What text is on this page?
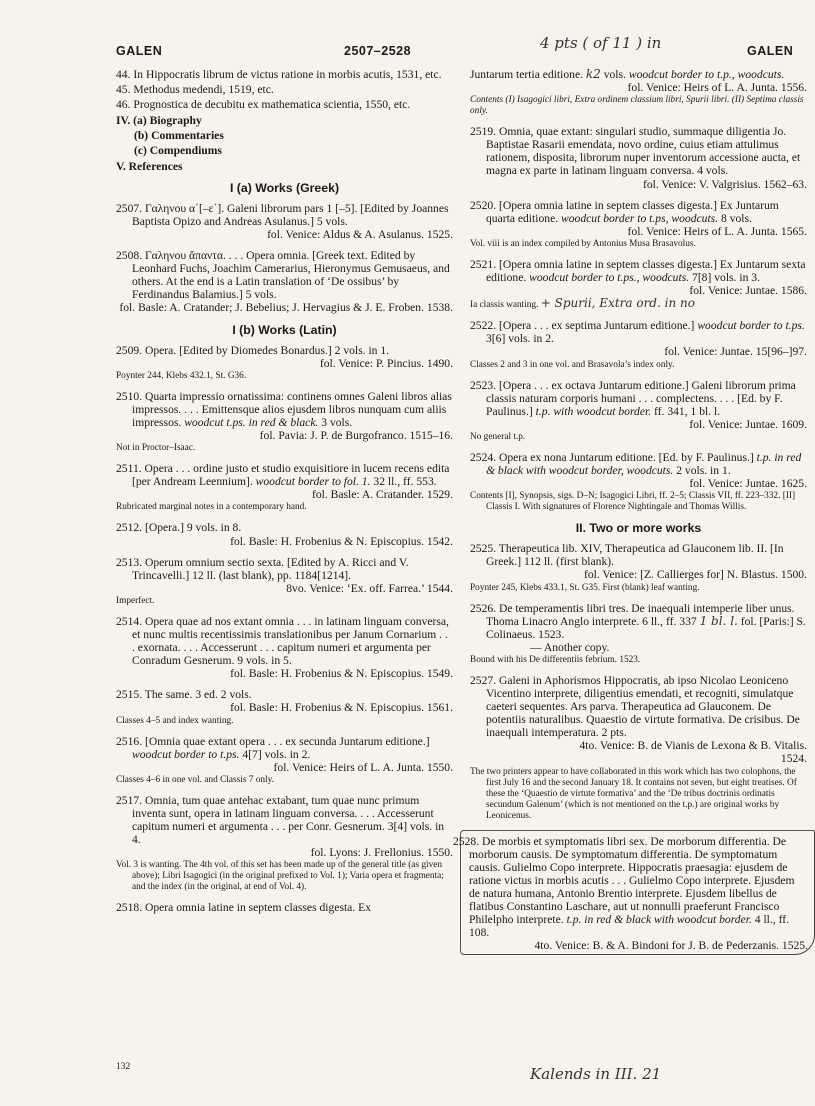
GALEN	2507–2528	4 pts ( of 11 ) in	GALEN
44. In Hippocratis librum de victus ratione in morbis acutis, 1531, etc.
45. Methodus medendi, 1519, etc.
46. Prognostica de decubitu ex mathematica scientia, 1550, etc.
IV. (a) Biography
(b) Commentaries
(c) Compendiums
V. References
I (a) Works (Greek)
2507. Γαληνου α΄[–ε΄]. Galeni librorum pars 1 [–5]. [Edited by Joannes Baptista Opizo and Andreas Asulanus.] 5 vols.
fol. Venice: Aldus & A. Asulanus. 1525.
2508. Γαληνου ἅπαντα. . . . Opera omnia. [Greek text. Edited by Leonhard Fuchs, Joachim Camerarius, Hieronymus Gemusaeus, and others. At the end is a Latin translation of ‘De ossibus’ by Ferdinandus Balamius.] 5 vols.
fol. Basle: A. Cratander; J. Bebelius; J. Hervagius & J. E. Froben. 1538.
I (b) Works (Latin)
2509. Opera. [Edited by Diomedes Bonardus.] 2 vols. in 1.
fol. Venice: P. Pincius. 1490.
Poynter 244, Klebs 432.1, St. G36.
2510. Quarta impressio ornatissima: continens omnes Galeni libros alias impressos. . . . Emittensque alios ejusdem libros nunquam cum aliis impressos. woodcut t.ps. in red & black. 3 vols.
fol. Pavia: J. P. de Burgofranco. 1515–16.
Not in Proctor–Isaac.
2511. Opera . . . ordine justo et studio exquisitiore in lucem recens edita [per Andream Leennium]. woodcut border to fol. 1. 32 ll., ff. 553.
fol. Basle: A. Cratander. 1529.
Rubricated marginal notes in a contemporary hand.
2512. [Opera.] 9 vols. in 8.
fol. Basle: H. Frobenius & N. Episcopius. 1542.
2513. Operum omnium sectio sexta. [Edited by A. Ricci and V. Trincavelli.] 12 ll. (last blank), pp. 1184[1214].
8vo. Venice: ‘Ex. off. Farrea.’ 1544.
Imperfect.
2514. Opera quae ad nos extant omnia . . . in latinam linguam conversa, et nunc multis recentissimis translationibus per Janum Cornarium . . . exornata. . . . Accesserunt . . . capitum numeri et argumenta per Conradum Gesnerum. 9 vols. in 5.
fol. Basle: H. Frobenius & N. Episcopius. 1549.
2515. The same. 3 ed. 2 vols.
fol. Basle: H. Frobenius & N. Episcopius. 1561.
Classes 4–5 and index wanting.
2516. [Omnia quae extant opera . . . ex secunda Juntarum editione.] woodcut border to t.ps. 4[7] vols. in 2.
fol. Venice: Heirs of L. A. Junta. 1550.
Classes 4–6 in one vol. and Classis 7 only.
2517. Omnia, tum quae antehac extabant, tum quae nunc primum inventa sunt, opera in latinam linguam conversa. . . . Accesserunt capitum numeri et argumenta . . . per Conr. Gesnerum. 3[4] vols. in 4.
fol. Lyons: J. Frellonius. 1550.
Vol. 3 is wanting. The 4th vol. of this set has been made up of the general title (as given above); Libri Isagogici (in the original prefixed to Vol. 1); Varia opera et fragmenta; and the index (in the original, at end of Vol. 4).
2518. Opera omnia latine in septem classes digesta. Ex
Juntarum tertia editione. k2 vols. woodcut border to t.p., woodcuts.
fol. Venice: Heirs of L. A. Junta. 1556.
Contents (I) Isagogici libri, Extra ordinem classium libri, Spurii libri. (II) Septima classis only.
2519. Omnia, quae extant: singulari studio, summaque diligentia Jo. Baptistae Rasarii emendata, novo ordine, cuius etiam attulimus rationem, disposita, librorum nuper inventorum accessione aucta, et magna ex parte in latinam linguam conversa. 4 vols.
fol. Venice: V. Valgrisius. 1562–63.
2520. [Opera omnia latine in septem classes digesta.] Ex Juntarum quarta editione. woodcut border to t.ps, woodcuts. 8 vols.
fol. Venice: Heirs of L. A. Junta. 1565.
Vol. viii is an index compiled by Antonius Musa Brasavolus.
2521. [Opera omnia latine in septem classes digesta.] Ex Juntarum sexta editione. woodcut border to t.ps., woodcuts. 7[8] vols. in 3.
fol. Venice: Juntae. 1586.
Ia classis wanting. + Spurii, Extra ord. in no
2522. [Opera . . . ex septima Juntarum editione.] woodcut border to t.ps. 3[6] vols. in 2.
fol. Venice: Juntae. 15[96–]97.
Classes 2 and 3 in one vol. and Brasavola’s index only.
2523. [Opera . . . ex octava Juntarum editione.] Galeni librorum prima classis naturam corporis humani . . . complectens. . . . [Ed. by F. Paulinus.] t.p. with woodcut border. ff. 341, 1 bl. l.
fol. Venice: Juntae. 1609.
No general t.p.
2524. Opera ex nona Juntarum editione. [Ed. by F. Paulinus.] t.p. in red & black with woodcut border, woodcuts. 2 vols. in 1.
fol. Venice: Juntae. 1625.
Contents [I], Synopsis, sigs. D–N; Isagogici Libri, ff. 2–5; Classis VII, ff. 223–332. [II] Classis I. With signatures of Florence Nightingale and Thomas Willis.
II. Two or more works
2525. Therapeutica lib. XIV, Therapeutica ad Glauconem lib. II. [In Greek.] 112 ll. (first blank).
fol. Venice: [Z. Callierges for] N. Blastus. 1500.
Poynter 245, Klebs 433.1, St. G35. First (blank) leaf wanting.
2526. De temperamentis libri tres. De inaequali intemperie liber unus. Thoma Linacro Anglo interprete. 6 ll., ff. 337 1 bl. l. fol. [Paris:] S. Colinaeus. 1523.
— Another copy.
Bound with his De differentiis febrium. 1523.
2527. Galeni in Aphorismos Hippocratis, ab ipso Nicolao Leoniceno Vicentino interprete, diligentius emendati, et recogniti, simulatque caeteri sequentes. Ars parva. Therapeutica ad Glauconem. De potentiis naturalibus. Quaestio de virtute formativa. De crisibus. De inaequali intemperatura. 2 pts.
4to. Venice: B. de Vianis de Lexona & B. Vitalis.
1524.
The two printers appear to have collaborated in this work which has two colophons, the first July 16 and the second January 18. It contains not seven, but eight treatises. Of these the ‘Quaestio de virtute formativa’ and the ‘De tribus doctrinis ordinatis secundum Galenum’ (which is not mentioned on the t.p.) are original works by Leonicenus.
2528. De morbis et symptomatis libri sex. De morborum differentia. De morborum causis. De symptomatum differentia. De symptomatum causis. Gulielmo Copo interprete. Hippocratis praesagia: ejusdem de ratione victus in morbis acutis . . . Gulielmo Copo interprete. Ejusdem de natura humana, Antonio Brentio interprete. Ejusdem libellus de flatibus Constantino Laschare, aut ut nonnulli praeferunt Francisco Philelpho interprete. t.p. in red & black with woodcut border. 4 ll., ff. 108.
4to. Venice: B. & A. Bindoni for J. B. de Pederzanis. 1525.
132	Kalends in III. 21
